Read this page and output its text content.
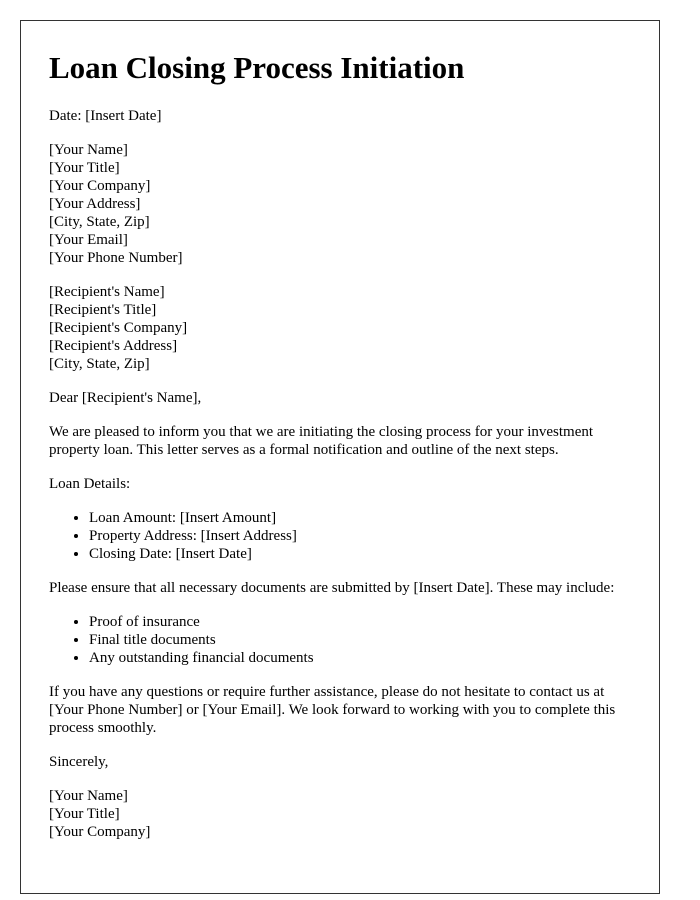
Loan Closing Process Initiation

Date: [Insert Date]

[Your Name]
[Your Title]
[Your Company]
[Your Address]
[City, State, Zip]
[Your Email]
[Your Phone Number]
[Recipient's Name]
[Recipient's Title]
[Recipient's Company]
[Recipient's Address]
[City, State, Zip]

Dear [Recipient's Name],

We are pleased to inform you that we are initiating the closing process for your investment property loan. This letter serves as a formal notification and outline of the next steps.

Loan Details:

• Loan Amount: [Insert Amount]
• Property Address: [Insert Address]
• Closing Date: [Insert Date]

Please ensure that all necessary documents are submitted by [Insert Date]. These may include:

• Proof of insurance
• Final title documents
• Any outstanding financial documents

If you have any questions or require further assistance, please do not hesitate to contact us at [Your Phone Number] or [Your Email]. We look forward to working with you to complete this process smoothly.

Sincerely,

[Your Name]
[Your Title]
[Your Company]
